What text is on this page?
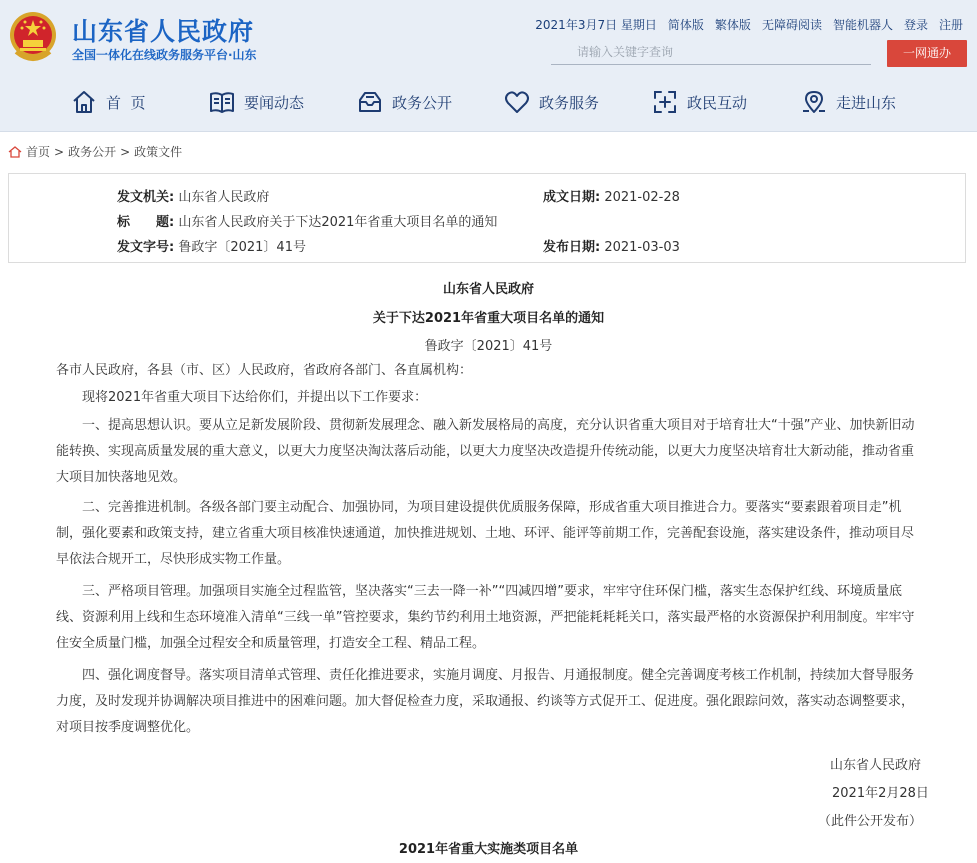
山东省人民政府
全国一体化在线政务服务平台·山东
2021年3月7日 星期日 简体版 繁体版 无障碍阅读 智能机器人 登录 注册
请输入关键字查询
一网通办
首  页	要闻动态	政务公开	政务服务	政民互动	走进山东
首页 > 政务公开 > 政策文件
发文机关: 山东省人民政府	成文日期: 2021-02-28
标　　题: 山东省人民政府关于下达2021年省重大项目名单的通知
发文字号: 鲁政字〔2021〕41号	发布日期: 2021-03-03
山东省人民政府
关于下达2021年省重大项目名单的通知
鲁政字〔2021〕41号
各市人民政府，各县（市、区）人民政府，省政府各部门、各直属机构：
现将2021年省重大项目下达给你们，并提出以下工作要求：
一、提高思想认识。要从立足新发展阶段、贯彻新发展理念、融入新发展格局的高度，充分认识省重大项目对于培育壮大“十强”产业、加快新旧动能转换、实现高质量发展的重大意义，以更大力度坚决淘汰落后动能，以更大力度坚决改造提升传统动能，以更大力度坚决培育壮大新动能，推动省重大项目加快落地见效。
二、完善推进机制。各级各部门要主动配合、加强协同，为项目建设提供优质服务保障，形成省重大项目推进合力。要落实“要素跟着项目走”机制，强化要素和政策支持，建立省重大项目核准快速通道，加快推进规划、土地、环评、能评等前期工作，完善配套设施，落实建设条件，推动项目尽早依法合规开工，尽快形成实物工作量。
三、严格项目管理。加强项目实施全过程监管，坚决落实“三去一降一补”“四减四增”要求，牢牢守住环保门槛，落实生态保护红线、环境质量底线、资源利用上线和生态环境准入清单“三线一单”管控要求，集约节约利用土地资源，严把能耗耗耗关口，落实最严格的水资源保护利用制度。牢牢守住安全质量门槛，加强全过程安全和质量管理，打造安全工程、精品工程。
四、强化调度督导。落实项目清单式管理、责任化推进要求，实施月调度、月报告、月通报制度。健全完善调度考核工作机制，持续加大督导服务力度，及时发现并协调解决项目推进中的困难问题。加大督促检查力度，采取通报、约谈等方式促开工、促进度。强化跟踪问效，落实动态调整要求，对项目按季度调整优化。
山东省人民政府
2021年2月28日
（此件公开发布）
2021年省重大实施类项目名单
